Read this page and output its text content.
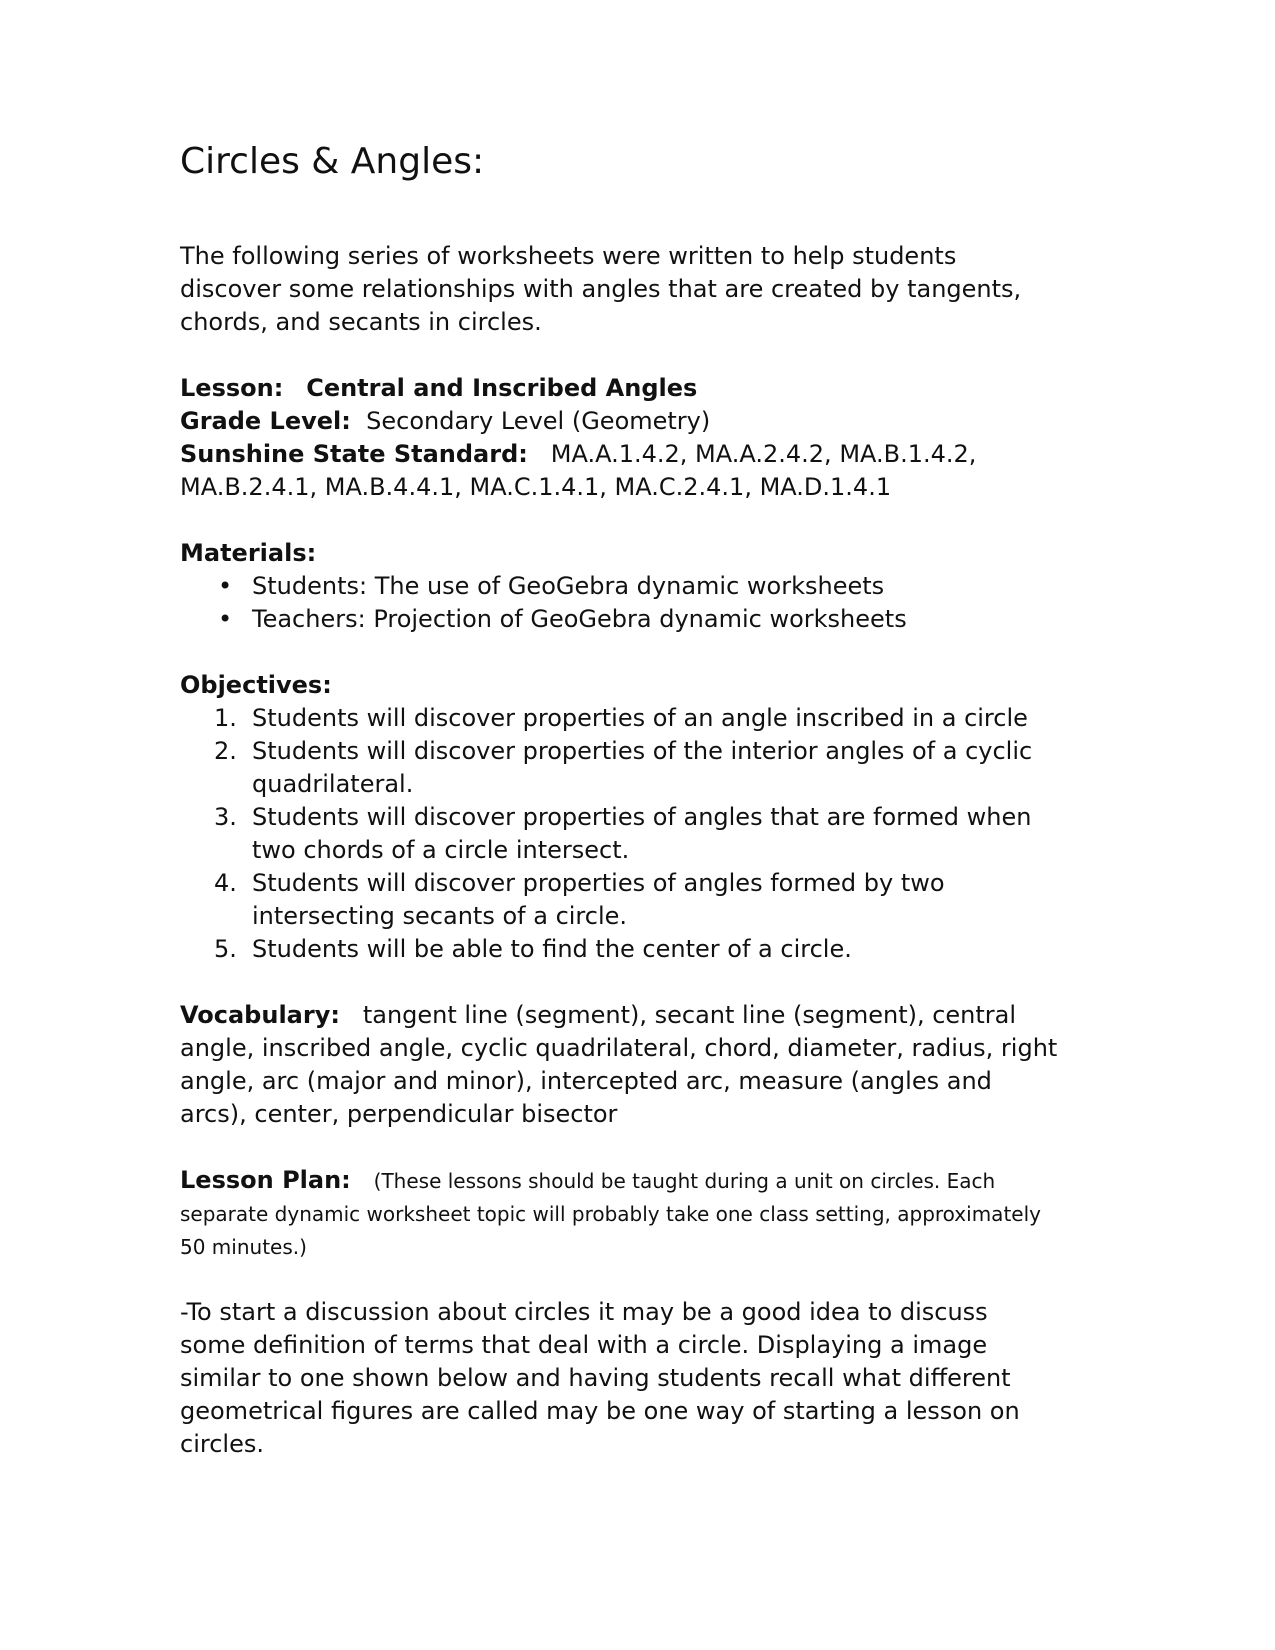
Circles & Angles:

The following series of worksheets were written to help students discover some relationships with angles that are created by tangents, chords, and secants in circles.

Lesson: Central and Inscribed Angles

Grade Level: Secondary Level (Geometry)

Sunshine State Standard: MA.A.1.4.2, MA.A.2.4.2, MA.B.1.4.2, MA.B.2.4.1, MA.B.4.4.1, MA.C.1.4.1, MA.C.2.4.1, MA.D.1.4.1

Materials:

• Students: The use of GeoGebra dynamic worksheets
• Teachers: Projection of GeoGebra dynamic worksheets

Objectives:

1. Students will discover properties of an angle inscribed in a circle
2. Students will discover properties of the interior angles of a cyclic quadrilateral.
3. Students will discover properties of angles that are formed when two chords of a circle intersect.
4. Students will discover properties of angles formed by two intersecting secants of a circle.
5. Students will be able to find the center of a circle.

Vocabulary: tangent line (segment), secant line (segment), central angle, inscribed angle, cyclic quadrilateral, chord, diameter, radius, right angle, arc (major and minor), intercepted arc, measure (angles and arcs), center, perpendicular bisector

Lesson Plan: (These lessons should be taught during a unit on circles. Each separate dynamic worksheet topic will probably take one class setting, approximately 50 minutes.)

-To start a discussion about circles it may be a good idea to discuss some definition of terms that deal with a circle. Displaying a image similar to one shown below and having students recall what different geometrical figures are called may be one way of starting a lesson on circles.
